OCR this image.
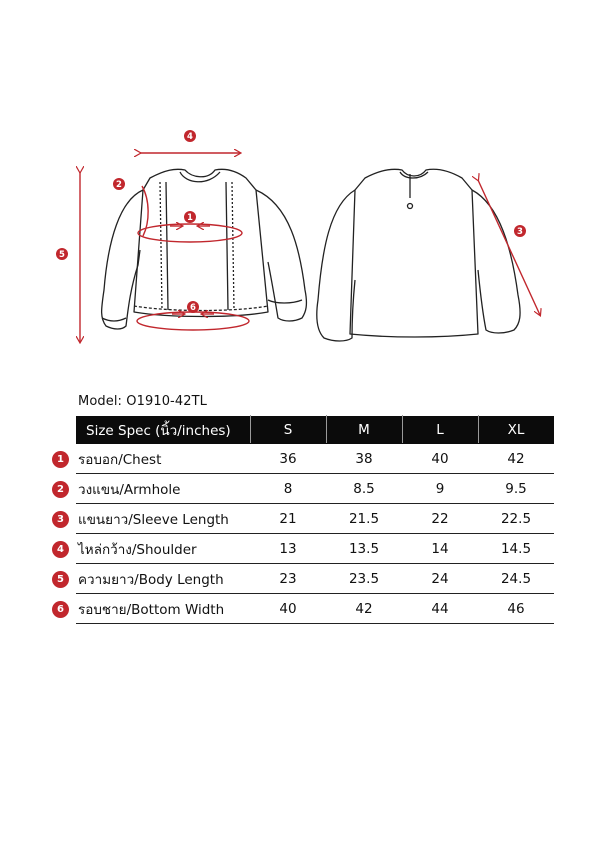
1
2
3
4
5
6
Model: O1910-42TL
Size Spec (นิ้ว/inches)	S	M	L	XL
1	รอบอก/Chest	36	38	40	42
2	วงแขน/Armhole	8	8.5	9	9.5
3	แขนยาว/Sleeve Length	21	21.5	22	22.5
4	ไหล่กว้าง/Shoulder	13	13.5	14	14.5
5	ความยาว/Body Length	23	23.5	24	24.5
6	รอบชาย/Bottom Width	40	42	44	46
